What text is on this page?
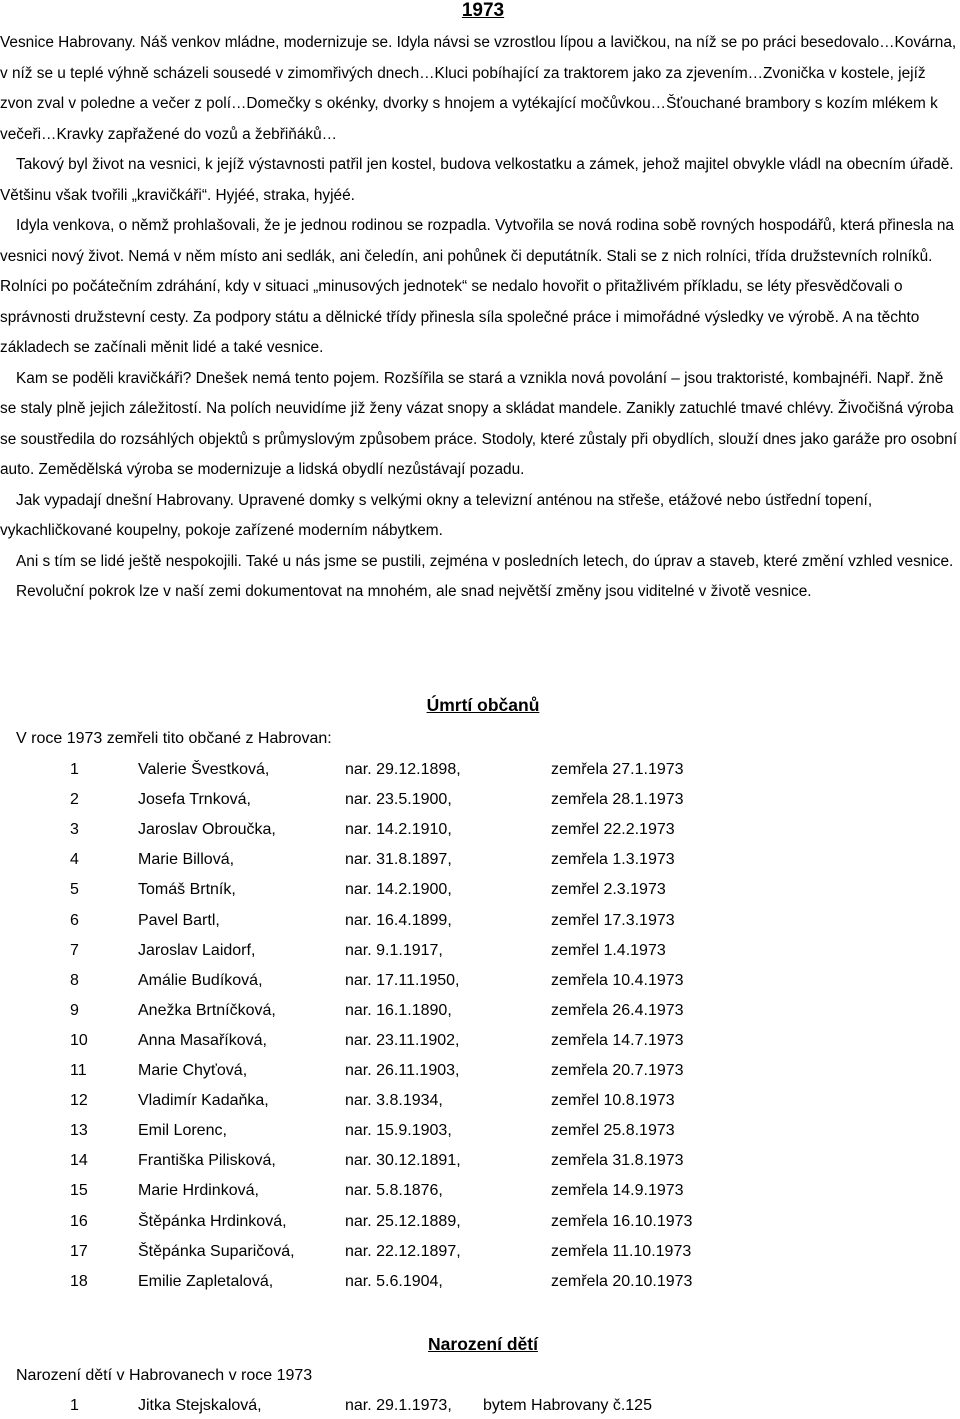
1973

Vesnice Habrovany. Náš venkov mládne, modernizuje se. Idyla návsi se vzrostlou lípou a lavičkou, na níž se po práci besedovalo…Kovárna, v níž se u teplé výhně scházeli sousedé v zimomřivých dnech…Kluci pobíhající za traktorem jako za zjevením…Zvonička v kostele, jejíž zvon zval v poledne a večer z polí…Domečky s okénky, dvorky s hnojem a vytékající močůvkou…Šťouchané brambory s kozím mlékem k večeři…Kravky zapřažené do vozů a žebřiňáků…

Takový byl život na vesnici, k jejíž výstavnosti patřil jen kostel, budova velkostatku a zámek, jehož majitel obvykle vládl na obecním úřadě. Většinu však tvořili „kravičkáři“. Hyjéé, straka, hyjéé.

Idyla venkova, o němž prohlašovali, že je jednou rodinou se rozpadla. Vytvořila se nová rodina sobě rovných hospodářů, která přinesla na vesnici nový život. Nemá v něm místo ani sedlák, ani čeledín, ani pohůnek či deputátník. Stali se z nich rolníci, třída družstevních rolníků. Rolníci po počátečním zdráhání, kdy v situaci „minusových jednotek“ se nedalo hovořit o přitažlivém příkladu, se léty přesvědčovali o správnosti družstevní cesty. Za podpory státu a dělnické třídy přinesla síla společné práce i mimořádné výsledky ve výrobě. A na těchto základech se začínali měnit lidé a také vesnice.

Kam se poděli kravičkáři? Dnešek nemá tento pojem. Rozšířila se stará a vznikla nová povolání – jsou traktoristé, kombajnéři. Např. žně se staly plně jejich záležitostí. Na polích neuvidíme již ženy vázat snopy a skládat mandele. Zanikly zatuchlé tmavé chlévy. Živočišná výroba se soustředila do rozsáhlých objektů s průmyslovým způsobem práce. Stodoly, které zůstaly při obydlích, slouží dnes jako garáže pro osobní auto. Zemědělská výroba se modernizuje a lidská obydlí nezůstávají pozadu.

Jak vypadají dnešní Habrovany. Upravené domky s velkými okny a televizní anténou na střeše, etážové nebo ústřední topení, vykachličkované koupelny, pokoje zařízené moderním nábytkem.

Ani s tím se lidé ještě nespokojili. Také u nás jsme se pustili, zejména v posledních letech, do úprav a staveb, které změní vzhled vesnice.

Revoluční pokrok lze v naší zemi dokumentovat na mnohém, ale snad největší změny jsou viditelné v životě vesnice.

Úmrtí občanů
V roce 1973 zemřeli tito občané z Habrovan:
1	Valerie Švestková,	nar. 29.12.1898,	zemřela 27.1.1973
2	Josefa Trnková,	nar. 23.5.1900,	zemřela 28.1.1973
3	Jaroslav Obroučka,	nar. 14.2.1910,	zemřel 22.2.1973
4	Marie Billová,	nar. 31.8.1897,	zemřela 1.3.1973
5	Tomáš Brtník,	nar. 14.2.1900,	zemřel 2.3.1973
6	Pavel Bartl,	nar. 16.4.1899,	zemřel 17.3.1973
7	Jaroslav Laidorf,	nar. 9.1.1917,	zemřel 1.4.1973
8	Amálie Budíková,	nar. 17.11.1950,	zemřela 10.4.1973
9	Anežka Brtníčková,	nar. 16.1.1890,	zemřela 26.4.1973
10	Anna Masaříková,	nar. 23.11.1902,	zemřela 14.7.1973
11	Marie Chyťová,	nar. 26.11.1903,	zemřela 20.7.1973
12	Vladimír Kadaňka,	nar. 3.8.1934,	zemřel 10.8.1973
13	Emil Lorenc,	nar. 15.9.1903,	zemřel 25.8.1973
14	Františka Pilisková,	nar. 30.12.1891,	zemřela 31.8.1973
15	Marie Hrdinková,	nar. 5.8.1876,	zemřela 14.9.1973
16	Štěpánka Hrdinková,	nar. 25.12.1889,	zemřela 16.10.1973
17	Štěpánka Suparičová,	nar. 22.12.1897,	zemřela 11.10.1973
18	Emilie Zapletalová,	nar. 5.6.1904,	zemřela 20.10.1973
Narození dětí
Narození dětí v Habrovanech v roce 1973
1	Jitka Stejskalová,	nar. 29.1.1973, bytem Habrovany č.125
